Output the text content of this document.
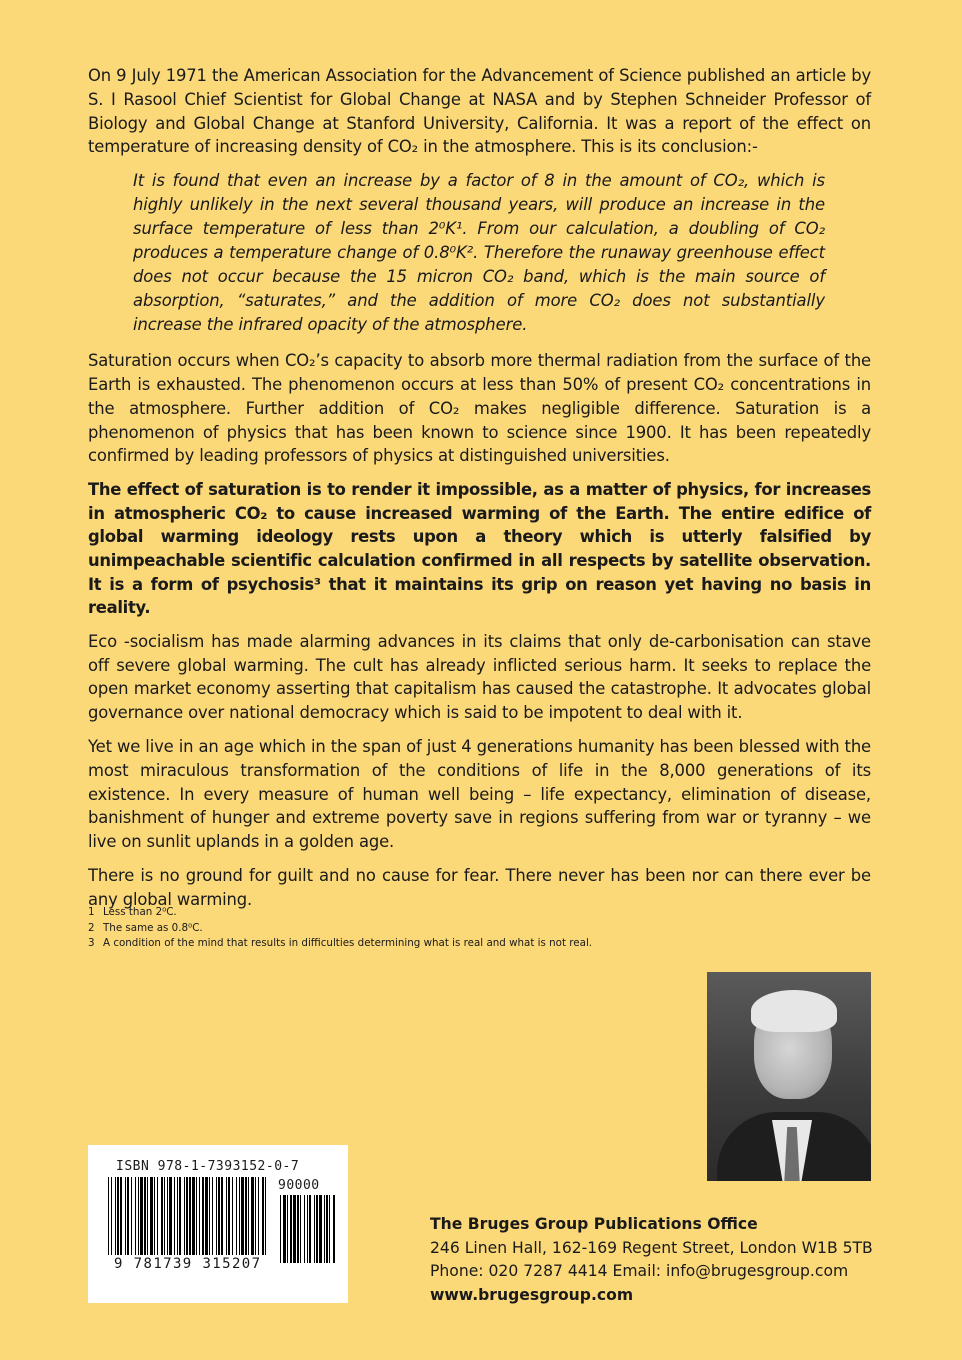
On 9 July 1971 the American Association for the Advancement of Science published an article by S. I Rasool Chief Scientist for Global Change at NASA and by Stephen Schneider Professor of Biology and Global Change at Stanford University, California. It was a report of the effect on temperature of increasing density of CO₂ in the atmosphere. This is its conclusion:-

It is found that even an increase by a factor of 8 in the amount of CO₂, which is highly unlikely in the next several thousand years, will produce an increase in the surface temperature of less than 2⁰K¹. From our calculation, a doubling of CO₂ produces a temperature change of 0.8⁰K². Therefore the runaway greenhouse effect does not occur because the 15 micron CO₂ band, which is the main source of absorption, “saturates,” and the addition of more CO₂ does not substantially increase the infrared opacity of the atmosphere.

Saturation occurs when CO₂’s capacity to absorb more thermal radiation from the surface of the Earth is exhausted. The phenomenon occurs at less than 50% of present CO₂ concentrations in the atmosphere. Further addition of CO₂ makes negligible difference. Saturation is a phenomenon of physics that has been known to science since 1900. It has been repeatedly confirmed by leading professors of physics at distinguished universities.

The effect of saturation is to render it impossible, as a matter of physics, for increases in atmospheric CO₂ to cause increased warming of the Earth. The entire edifice of global warming ideology rests upon a theory which is utterly falsified by unimpeachable scientific calculation confirmed in all respects by satellite observation. It is a form of psychosis³ that it maintains its grip on reason yet having no basis in reality.

Eco -socialism has made alarming advances in its claims that only de-carbonisation can stave off severe global warming. The cult has already inflicted serious harm. It seeks to replace the open market economy asserting that capitalism has caused the catastrophe. It advocates global governance over national democracy which is said to be impotent to deal with it.

Yet we live in an age which in the span of just 4 generations humanity has been blessed with the most miraculous transformation of the conditions of life in the 8,000 generations of its existence. In every measure of human well being – life expectancy, elimination of disease, banishment of hunger and extreme poverty save in regions suffering from war or tyranny – we live on sunlit uplands in a golden age.

There is no ground for guilt and no cause for fear. There never has been nor can there ever be any global warming.

1 Less than 2⁰C.
2 The same as 0.8⁰C.
3 A condition of the mind that results in difficulties determining what is real and what is not real.
ISBN 978-1-7393152-0-7
90000
9 781739 315207
The Bruges Group Publications Office
246 Linen Hall, 162-169 Regent Street, London W1B 5TB
Phone: 020 7287 4414 Email: info@brugesgroup.com
www.brugesgroup.com
